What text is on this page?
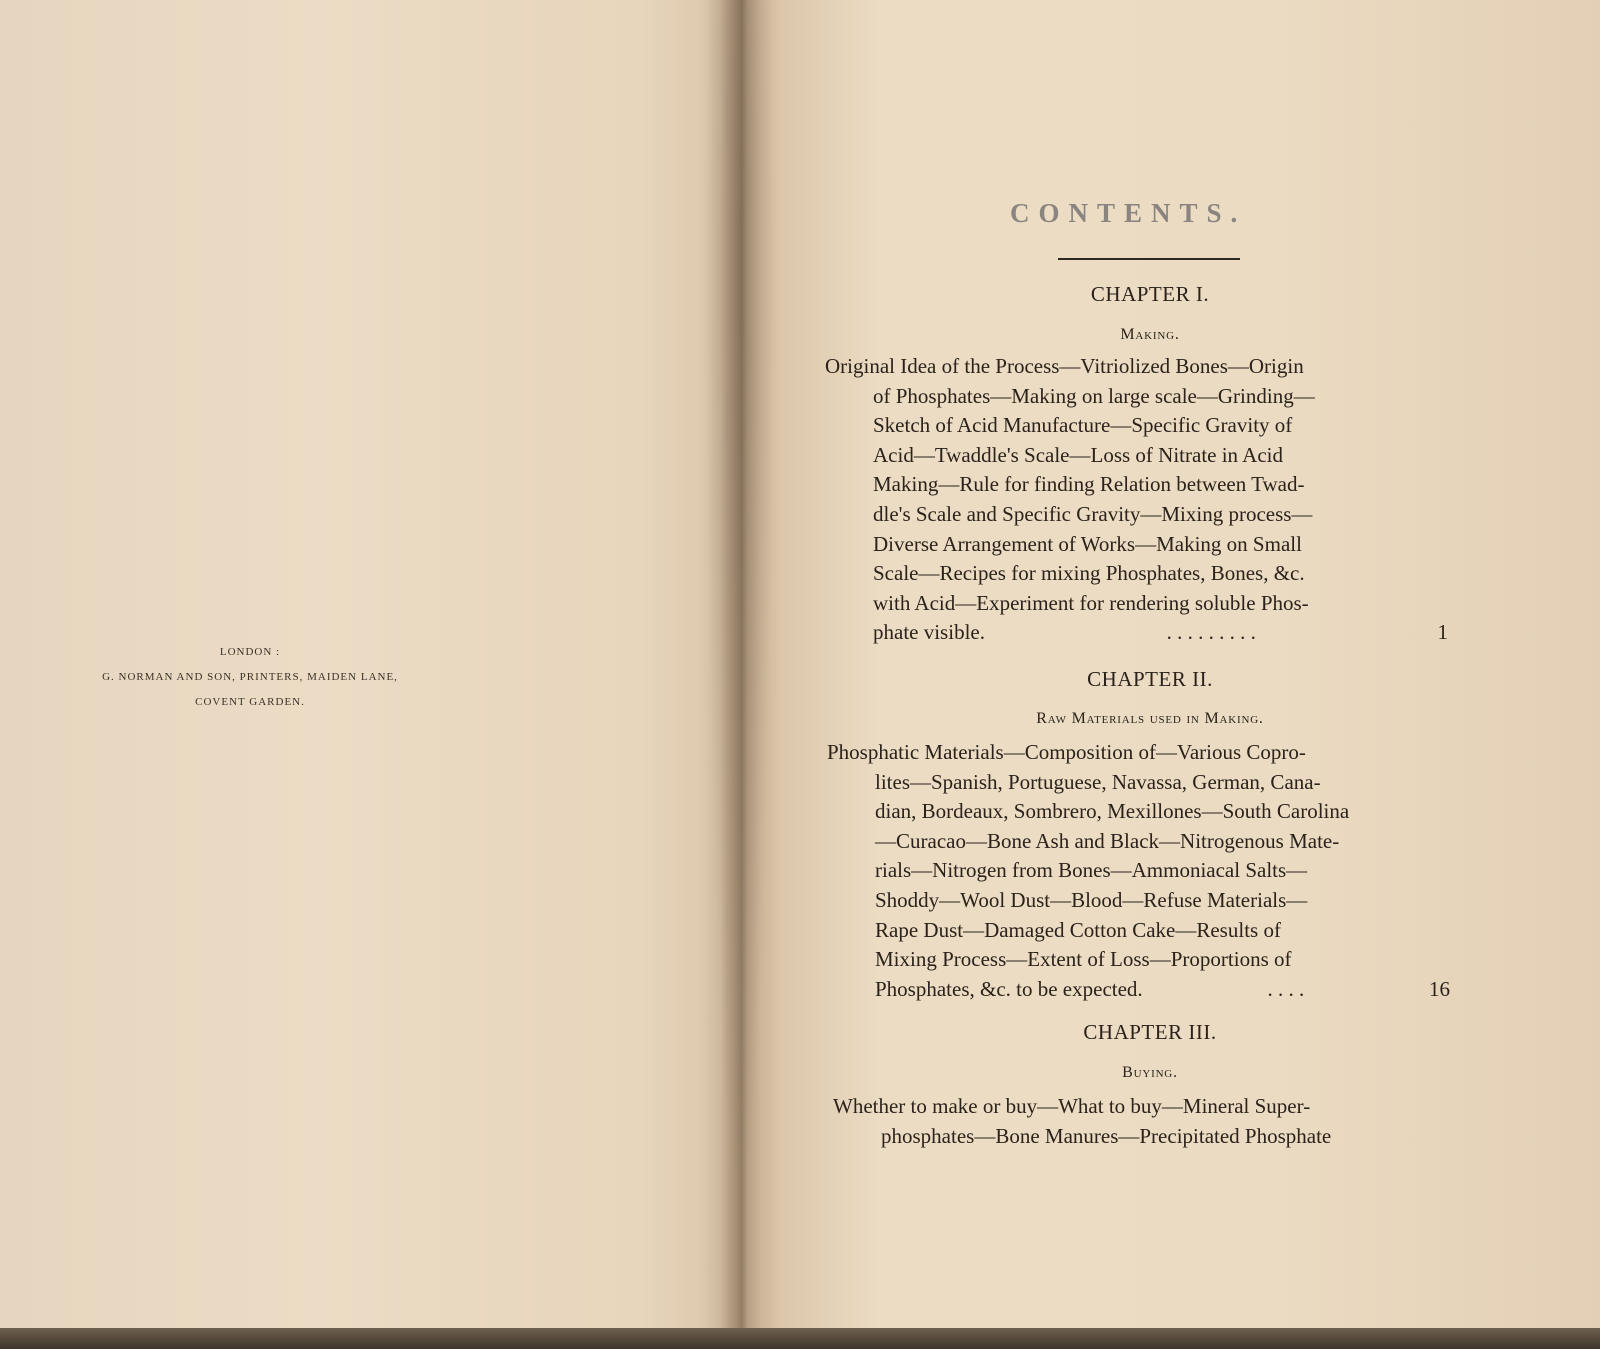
LONDON :
G. NORMAN AND SON, PRINTERS, MAIDEN LANE,
COVENT GARDEN.
CONTENTS.
CHAPTER I.
Making.
Original Idea of the Process—Vitriolized Bones—Origin
of Phosphates—Making on large scale—Grinding—
Sketch of Acid Manufacture—Specific Gravity of
Acid—Twaddle's Scale—Loss of Nitrate in Acid
Making—Rule for finding Relation between Twad-
dle's Scale and Specific Gravity—Mixing process—
Diverse Arrangement of Works—Making on Small
Scale—Recipes for mixing Phosphates, Bones, &c.
with Acid—Experiment for rendering soluble Phos-
phate visible.	. . . . . . . . .	1
CHAPTER II.
Raw Materials used in Making.
Phosphatic Materials—Composition of—Various Copro-
lites—Spanish, Portuguese, Navassa, German, Cana-
dian, Bordeaux, Sombrero, Mexillones—South Carolina
—Curacao—Bone Ash and Black—Nitrogenous Mate-
rials—Nitrogen from Bones—Ammoniacal Salts—
Shoddy—Wool Dust—Blood—Refuse Materials—
Rape Dust—Damaged Cotton Cake—Results of
Mixing Process—Extent of Loss—Proportions of
Phosphates, &c. to be expected.	. . . .	16
CHAPTER III.
Buying.
Whether to make or buy—What to buy—Mineral Super-
phosphates—Bone Manures—Precipitated Phosphate
